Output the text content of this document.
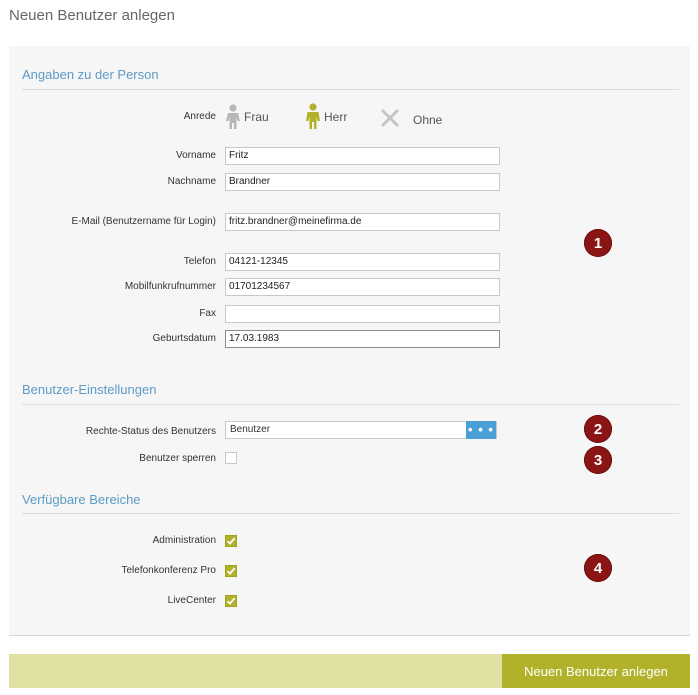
Neuen Benutzer anlegen
Angaben zu der Person
Anrede Frau	Herr	Ohne
Vorname	Fritz
Nachname	Brandner
E-Mail (Benutzername für Login)	fritz.brandner@meinefirma.de
Telefon	04121-12345
Mobilfunkrufnummer	01701234567
Fax
Geburtsdatum	17.03.1983
Benutzer-Einstellungen
Rechte-Status des Benutzers	Benutzer	• • •
Benutzer sperren
Verfügbare Bereiche
Administration
Telefonkonferenz Pro
LiveCenter
1
2
3
4
Neuen Benutzer anlegen
